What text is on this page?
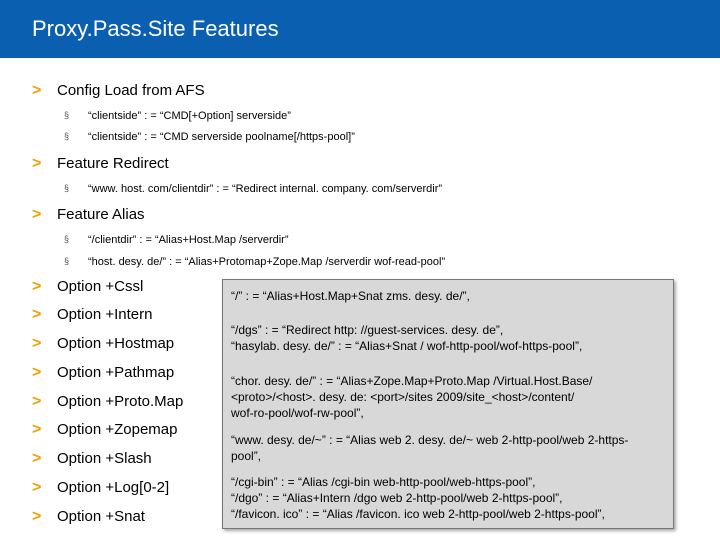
Proxy.Pass.Site Features
> Config Load from AFS
§ “clientside” : = “CMD[+Option] serverside”
§ “clientside” : = “CMD serverside poolname[/https-pool]”
> Feature Redirect
§ “www. host. com/clientdir” : = “Redirect internal. company. com/serverdir”
> Feature Alias
§ “/clientdir” : = “Alias+Host.Map /serverdir”
§ “host. desy. de/” : = “Alias+Protomap+Zope.Map /serverdir wof-read-pool”
> Option +Cssl
> Option +Intern
> Option +Hostmap
> Option +Pathmap
> Option +Proto.Map
> Option +Zopemap
> Option +Slash
> Option +Log[0-2]
> Option +Snat
“/” : = “Alias+Host.Map+Snat zms. desy. de/”,
“/dgs” : = “Redirect http: //guest-services. desy. de”,
“hasylab. desy. de/” : = “Alias+Snat / wof-http-pool/wof-https-pool”,
“chor. desy. de/” : = “Alias+Zope.Map+Proto.Map /Virtual.Host.Base/
<proto>/<host>. desy. de: <port>/sites 2009/site_<host>/content/
wof-ro-pool/wof-rw-pool”,
“www. desy. de/~” : = “Alias web 2. desy. de/~ web 2-http-pool/web 2-https-
pool”,
“/cgi-bin” : = “Alias /cgi-bin web-http-pool/web-https-pool”,
“/dgo” : = “Alias+Intern /dgo web 2-http-pool/web 2-https-pool”,
“/favicon. ico” : = “Alias /favicon. ico web 2-http-pool/web 2-https-pool”,
